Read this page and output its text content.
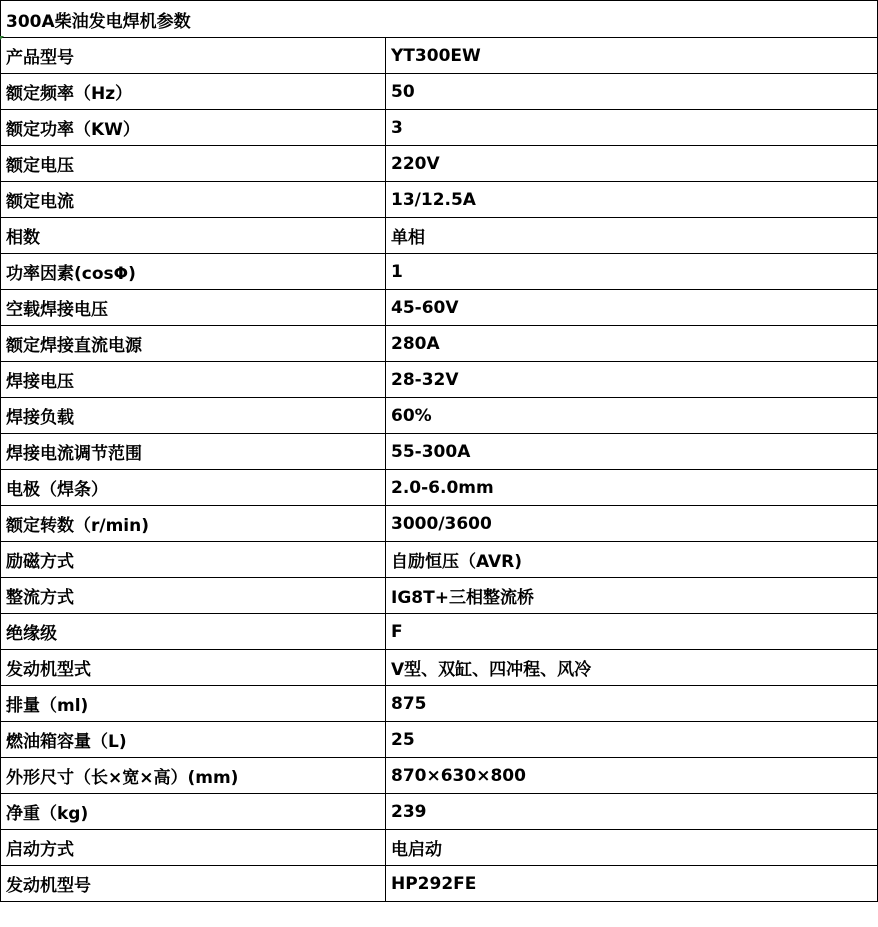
300A柴油发电焊机参数	
产品型号	YT300EW
额定频率（Hz）	50
额定功率（KW）	3
额定电压	220V
额定电流	13/12.5A
相数	单相
功率因素(cosΦ)	1
空载焊接电压	45-60V
额定焊接直流电源	280A
焊接电压	28-32V
焊接负载	60%
焊接电流调节范围	55-300A
电极（焊条）	2.0-6.0mm
额定转数（r/min)	3000/3600
励磁方式	自励恒压（AVR)
整流方式	IG8T+三相整流桥
绝缘级	F
发动机型式	V型、双缸、四冲程、风冷
排量（ml)	875
燃油箱容量（L)	25
外形尺寸（长×宽×高）(mm)	870×630×800
净重（kg)	239
启动方式	电启动
发动机型号	HP292FE
